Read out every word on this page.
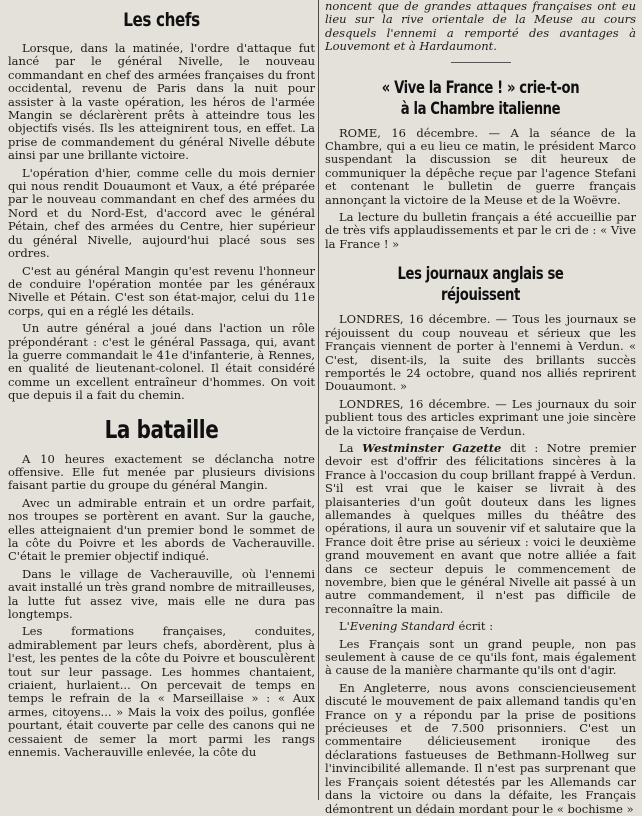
Les chefs

Lorsque, dans la matinée, l'ordre d'attaque fut lancé par le général Nivelle, le nouveau commandant en chef des armées françaises du front occidental, revenu de Paris dans la nuit pour assister à la vaste opération, les héros de l'armée Mangin se déclarèrent prêts à atteindre tous les objectifs visés. Ils les atteignirent tous, en effet. La prise de commandement du général Nivelle débute ainsi par une brillante victoire.

L'opération d'hier, comme celle du mois dernier qui nous rendit Douaumont et Vaux, a été préparée par le nouveau commandant en chef des armées du Nord et du Nord-Est, d'accord avec le général Pétain, chef des armées du Centre, hier supérieur du général Nivelle, aujourd'hui placé sous ses ordres.

C'est au général Mangin qu'est revenu l'honneur de conduire l'opération montée par les généraux Nivelle et Pétain. C'est son état-major, celui du 11e corps, qui en a réglé les détails.

Un autre général a joué dans l'action un rôle prépondérant : c'est le général Passaga, qui, avant la guerre commandait le 41e d'infanterie, à Rennes, en qualité de lieutenant-colonel. Il était considéré comme un excellent entraîneur d'hommes. On voit que depuis il a fait du chemin.

La bataille

A 10 heures exactement se déclancha notre offensive. Elle fut menée par plusieurs divisions faisant partie du groupe du général Mangin.

Avec un admirable entrain et un ordre parfait, nos troupes se portèrent en avant. Sur la gauche, elles atteignaient d'un premier bond le sommet de la côte du Poivre et les abords de Vacherauville. C'était le premier objectif indiqué.

Dans le village de Vacherauville, où l'ennemi avait installé un très grand nombre de mitrailleuses, la lutte fut assez vive, mais elle ne dura pas longtemps.

Les formations françaises, conduites, admirablement par leurs chefs, abordèrent, plus à l'est, les pentes de la côte du Poivre et bousculèrent tout sur leur passage. Les hommes chantaient, criaient, hurlaient... On percevait de temps en temps le refrain de la « Marseillaise » : « Aux armes, citoyens... » Mais la voix des poilus, gonflée pourtant, était couverte par celle des canons qui ne cessaient de semer la mort parmi les rangs ennemis. Vacherauville enlevée, la côte du

noncent que de grandes attaques françaises ont eu lieu sur la rive orientale de la Meuse au cours desquels l'ennemi a remporté des avantages à Louvemont et à Hardaumont.

« Vive la France ! » crie-t-on
à la Chambre italienne

ROME, 16 décembre. — A la séance de la Chambre, qui a eu lieu ce matin, le président Marco suspendant la discussion se dit heureux de communiquer la dépêche reçue par l'agence Stefani et contenant le bulletin de guerre français annonçant la victoire de la Meuse et de la Woëvre.

La lecture du bulletin français a été accueillie par de très vifs applaudissements et par le cri de : « Vive la France ! »

Les journaux anglais se réjouissent

LONDRES, 16 décembre. — Tous les journaux se réjouissent du coup nouveau et sérieux que les Français viennent de porter à l'ennemi à Verdun. « C'est, disent-ils, la suite des brillants succès remportés le 24 octobre, quand nos alliés reprirent Douaumont. »

LONDRES, 16 décembre. — Les journaux du soir publient tous des articles exprimant une joie sincère de la victoire française de Verdun.

La Westminster Gazette dit : Notre premier devoir est d'offrir des félicitations sincères à la France à l'occasion du coup brillant frappé à Verdun. S'il est vrai que le kaiser se livrait à des plaisanteries d'un goût douteux dans les lignes allemandes à quelques milles du théâtre des opérations, il aura un souvenir vif et salutaire que la France doit être prise au sérieux : voici le deuxième grand mouvement en avant que notre alliée a fait dans ce secteur depuis le commencement de novembre, bien que le général Nivelle ait passé à un autre commandement, il n'est pas difficile de reconnaître la main.

L'Evening Standard écrit :

Les Français sont un grand peuple, non pas seulement à cause de ce qu'ils font, mais également à cause de la manière charmante qu'ils ont d'agir.

En Angleterre, nous avons consciencieusement discuté le mouvement de paix allemand tandis qu'en France on y a répondu par la prise de positions précieuses et de 7.500 prisonniers. C'est un commentaire délicieusement ironique des déclarations fastueuses de Bethmann-Hollweg sur l'invincibilité allemande. Il n'est pas surprenant que les Français soient détestés par les Allemands car dans la victoire ou dans la défaite, les Français démontrent un dédain mordant pour le « bochisme »
